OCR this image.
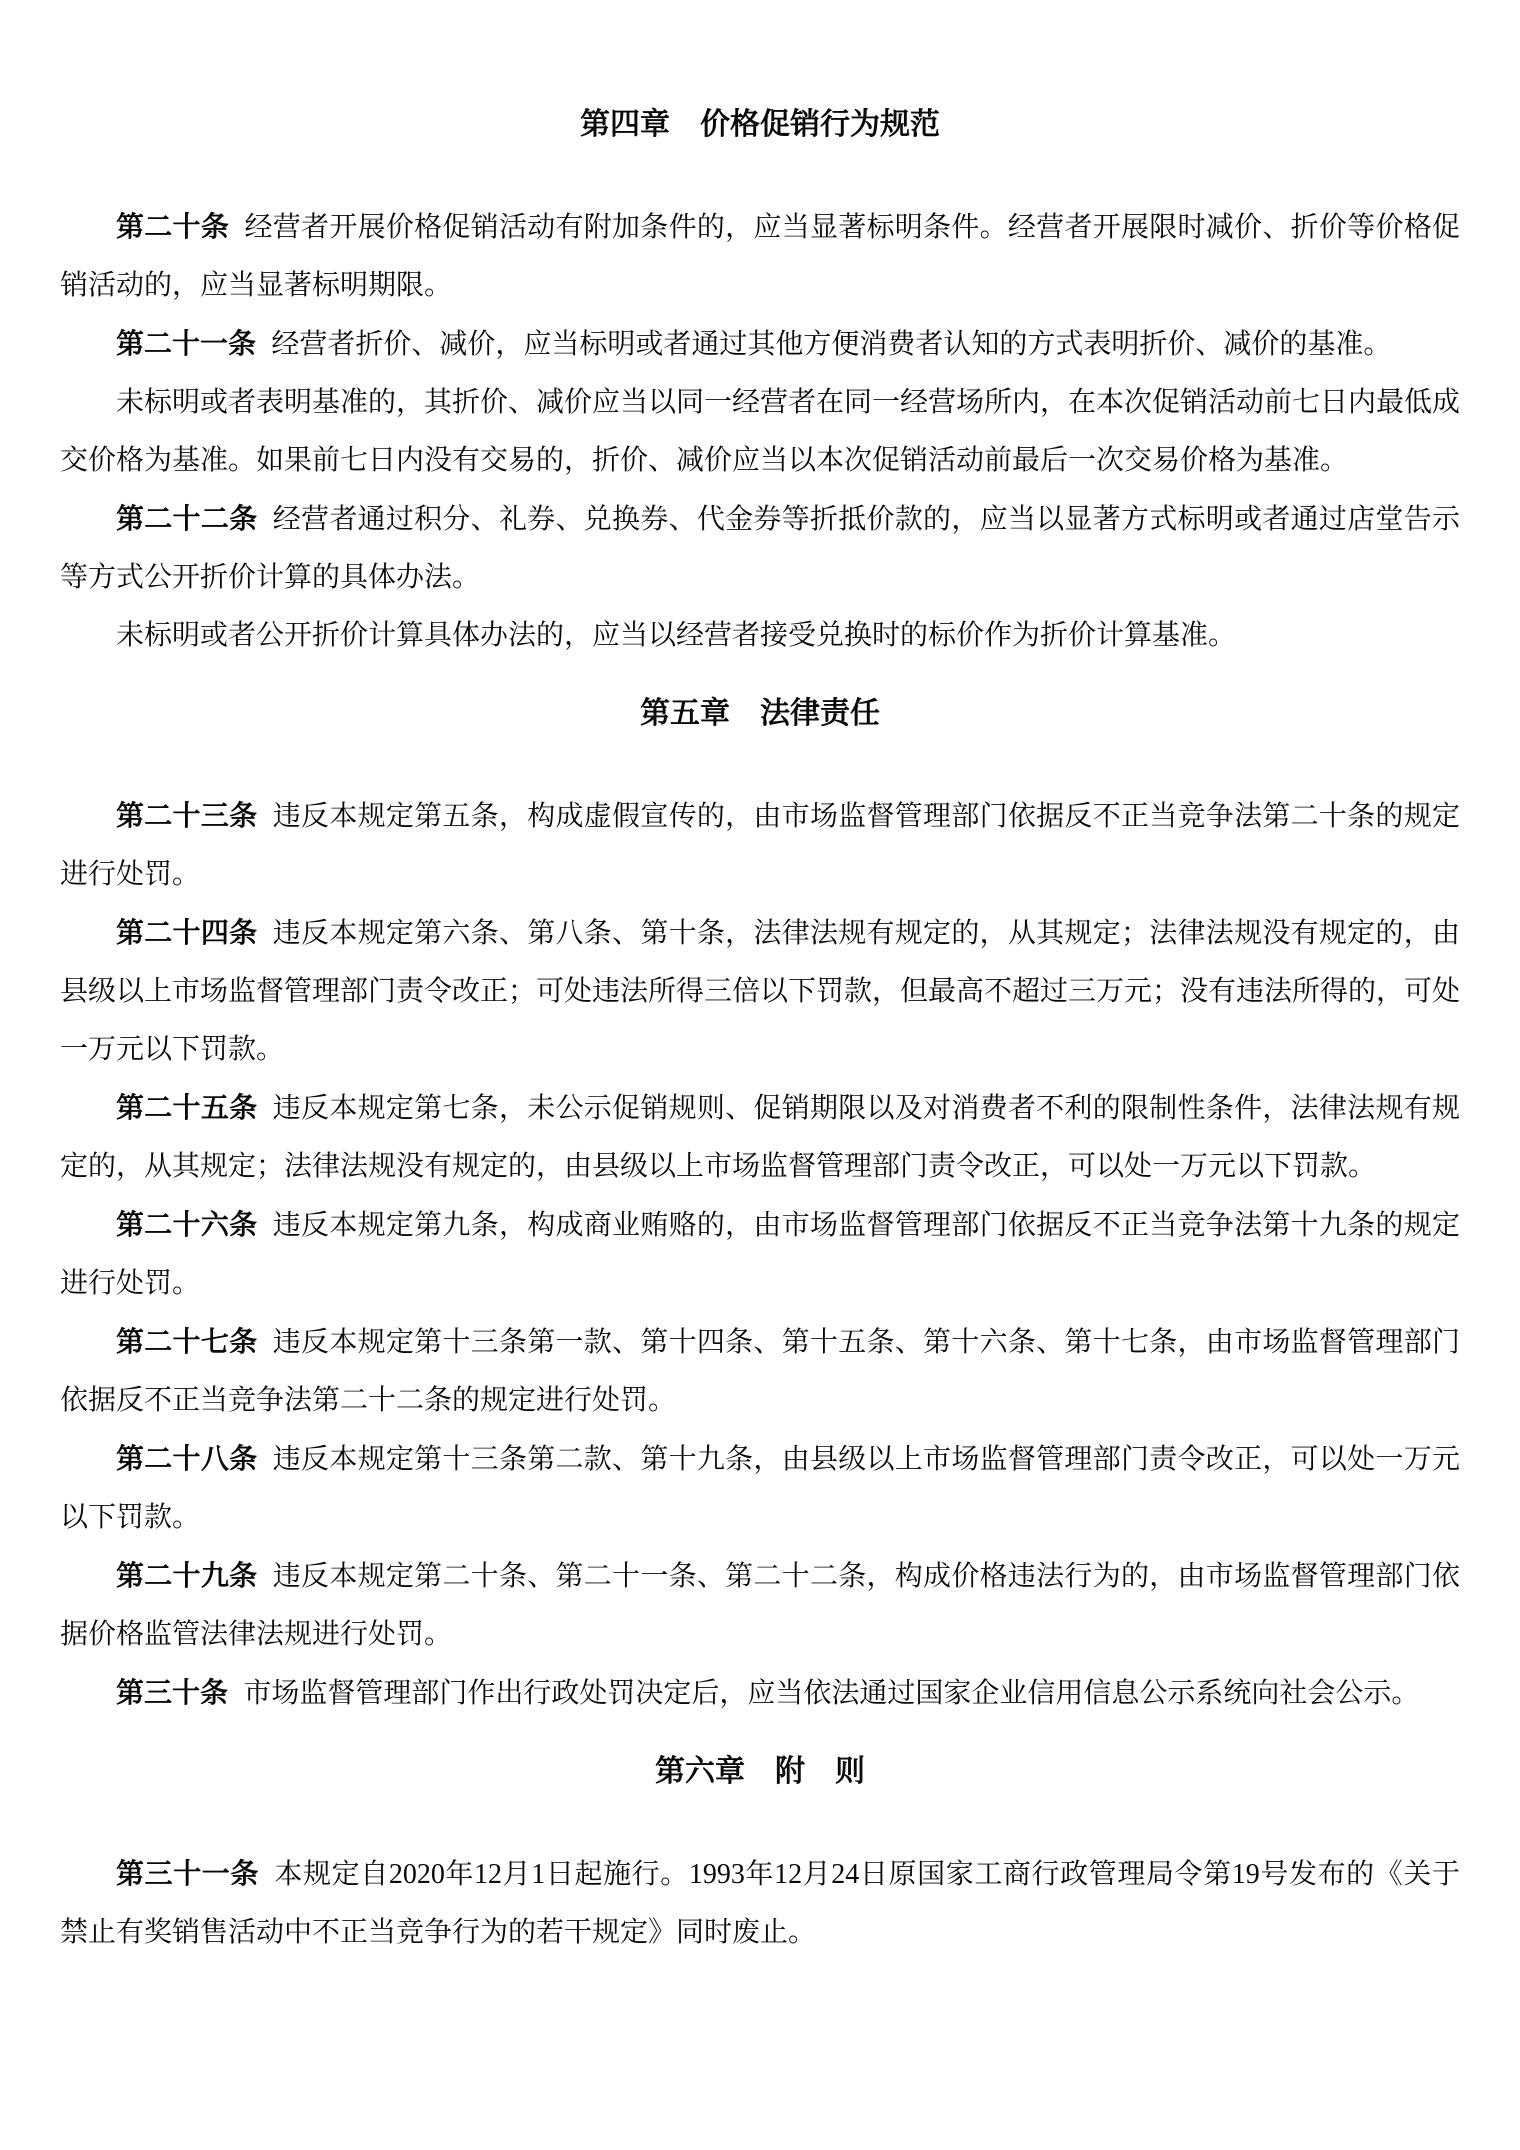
第四章　价格促销行为规范

第二十条 经营者开展价格促销活动有附加条件的，应当显著标明条件。经营者开展限时减价、折价等价格促销活动的，应当显著标明期限。

第二十一条 经营者折价、减价，应当标明或者通过其他方便消费者认知的方式表明折价、减价的基准。

未标明或者表明基准的，其折价、减价应当以同一经营者在同一经营场所内，在本次促销活动前七日内最低成交价格为基准。如果前七日内没有交易的，折价、减价应当以本次促销活动前最后一次交易价格为基准。

第二十二条 经营者通过积分、礼券、兑换券、代金券等折抵价款的，应当以显著方式标明或者通过店堂告示等方式公开折价计算的具体办法。

未标明或者公开折价计算具体办法的，应当以经营者接受兑换时的标价作为折价计算基准。

第五章　法律责任

第二十三条 违反本规定第五条，构成虚假宣传的，由市场监督管理部门依据反不正当竞争法第二十条的规定进行处罚。

第二十四条 违反本规定第六条、第八条、第十条，法律法规有规定的，从其规定；法律法规没有规定的，由县级以上市场监督管理部门责令改正；可处违法所得三倍以下罚款，但最高不超过三万元；没有违法所得的，可处一万元以下罚款。

第二十五条 违反本规定第七条，未公示促销规则、促销期限以及对消费者不利的限制性条件，法律法规有规定的，从其规定；法律法规没有规定的，由县级以上市场监督管理部门责令改正，可以处一万元以下罚款。

第二十六条 违反本规定第九条，构成商业贿赂的，由市场监督管理部门依据反不正当竞争法第十九条的规定进行处罚。

第二十七条 违反本规定第十三条第一款、第十四条、第十五条、第十六条、第十七条，由市场监督管理部门依据反不正当竞争法第二十二条的规定进行处罚。

第二十八条 违反本规定第十三条第二款、第十九条，由县级以上市场监督管理部门责令改正，可以处一万元以下罚款。

第二十九条 违反本规定第二十条、第二十一条、第二十二条，构成价格违法行为的，由市场监督管理部门依据价格监管法律法规进行处罚。

第三十条 市场监督管理部门作出行政处罚决定后，应当依法通过国家企业信用信息公示系统向社会公示。

第六章　附　则

第三十一条 本规定自2020年12月1日起施行。1993年12月24日原国家工商行政管理局令第19号发布的《关于禁止有奖销售活动中不正当竞争行为的若干规定》同时废止。
